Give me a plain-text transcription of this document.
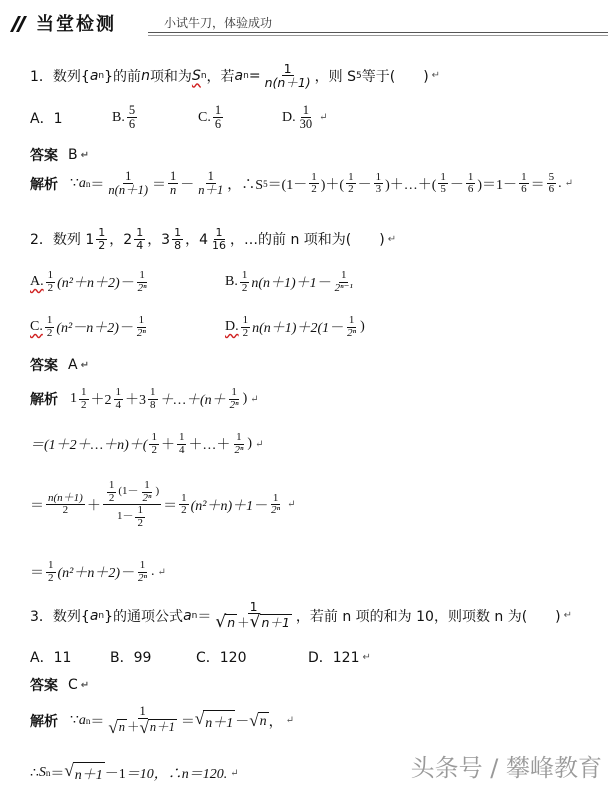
当堂检测	小试牛刀，体验成功
1．数列{ a n }的前 n 项和为 S n ，若 a $n = \frac{1}{n(n+1)}$ ，则 S 5 等于(　　) ↵
A．1	B. $\frac{5}{6}$	C. $\frac{1}{6}$	D. $\frac{1}{30}$ ↵
答案 B ↵
解析 ∵ a $n = \frac{1}{n(n+1)} = \frac{1}{n} - \frac{1}{n+1}$ ，∴S $5 =(1- \frac{1}{2}$ )＋( $\frac{1}{2} - \frac{1}{3}$ )＋…＋( $\frac{1}{5} - \frac{1}{6} )=1- \frac{1}{6} = \frac{5}{6}$ . ↵
2．数列 $1 \frac{1}{2}$ ，$2 \frac{1}{4}$ ，$3 \frac{1}{8}$ ，$4 \frac{1}{16}$ ，…的前 n 项和为(　　) ↵
A. $\frac{1}{2} (n^2+n+2)- \frac{1}{\text{2ⁿ}}$	B. $\frac{1}{2} n(n+1)+1- \frac{1}{\text{2ⁿ⁻¹}}$
C. $\frac{1}{2} (n^2-n+2)- \frac{1}{\text{2ⁿ}}$	D. $\frac{1}{2} n(n+1)+2(1- \frac{1}{\text{2ⁿ}}$ )
答案 A ↵
解析 $1 \frac{1}{2} +2 \frac{1}{4} +3 \frac{1}{8}$ ＋…＋(n＋ $\frac{1}{\text{2ⁿ}}$ ) ↵
＝(1＋2＋…＋n)＋( $\frac{1}{2} + \frac{1}{4}$ ＋…＋ $\frac{1}{\text{2ⁿ}}$ ) ↵
＝ $\frac{n(n+1)}{2} + \frac{\frac{1}{2} (1- \frac{1}{\text{2ⁿ}} )}{1- \frac{1}{2}} = \frac{1}{2} (n^2+n)+1- \frac{1}{\text{2ⁿ}}$ ↵
＝ $\frac{1}{2} (n^2+n+2)- \frac{1}{\text{2ⁿ}}$ . ↵
3．数列{ a n }的通项公式 a $n = \frac{1}{√ n + √ n+1}$ ，若前 n 项的和为 10，则项数 n 为(　　) ↵
A．11	B．99	C．120	D．121 ↵
答案 C ↵
解析 ∵ a $n = \frac{1}{√ n + √ n+1}$ ＝ √ n＋1 － √ n ， ↵
∴ S n ＝ √ n＋1 －1 ＝10，∴n＝120. ↵	头条号 / 攀峰教育
